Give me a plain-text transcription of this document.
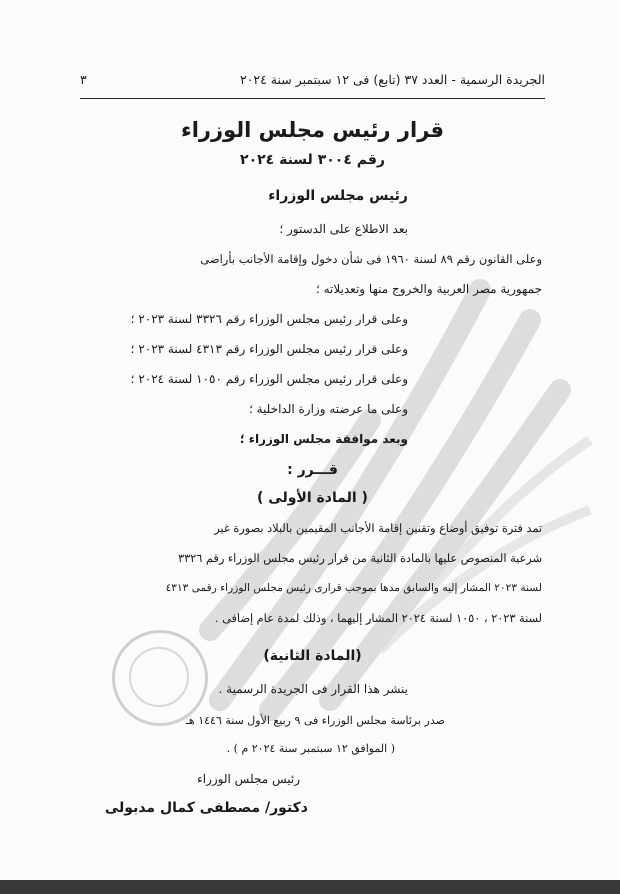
الجريدة الرسمية - العدد ٣٧ (تابع) فى ١٢ سبتمبر سنة ٢٠٢٤
٣
قرار رئيس مجلس الوزراء
رقم ٣٠٠٤ لسنة ٢٠٢٤
رئيس مجلس الوزراء
بعد الاطلاع على الدستور ؛
وعلى القانون رقم ٨٩ لسنة ١٩٦٠ فى شأن دخول وإقامة الأجانب بأراضى
جمهورية مصر العربية والخروج منها وتعديلاته ؛
وعلى قرار رئيس مجلس الوزراء رقم ٣٣٢٦ لسنة ٢٠٢٣ ؛
وعلى قرار رئيس مجلس الوزراء رقم ٤٣١٣ لسنة ٢٠٢٣ ؛
وعلى قرار رئيس مجلس الوزراء رقم ١٠٥٠ لسنة ٢٠٢٤ ؛
وعلى ما عرضته وزارة الداخلية ؛
وبعد موافقة مجلس الوزراء ؛
قـــرر :
( المادة الأولى )
تمد فترة توفيق أوضاع وتقنين إقامة الأجانب المقيمين بالبلاد بصورة غير
شرعية المنصوص عليها بالمادة الثانية من قرار رئيس مجلس الوزراء رقم ٣٣٢٦
لسنة ٢٠٢٣ المشار إليه والسابق مدها بموجب قرارى رئيس مجلس الوزراء رقمى ٤٣١٣
لسنة ٢٠٢٣ ، ١٠٥٠ لسنة ٢٠٢٤ المشار إليهما ، وذلك لمدة عام إضافى .
(المادة الثانية)
ينشر هذا القرار فى الجريدة الرسمية .
صدر برئاسة مجلس الوزراء فى ٩ ربيع الأول سنة ١٤٤٦ هـ
( الموافق ١٢ سبتمبر سنة ٢٠٢٤ م ) .
رئيس مجلس الوزراء
دكتور/ مصطفى كمال مدبولى
